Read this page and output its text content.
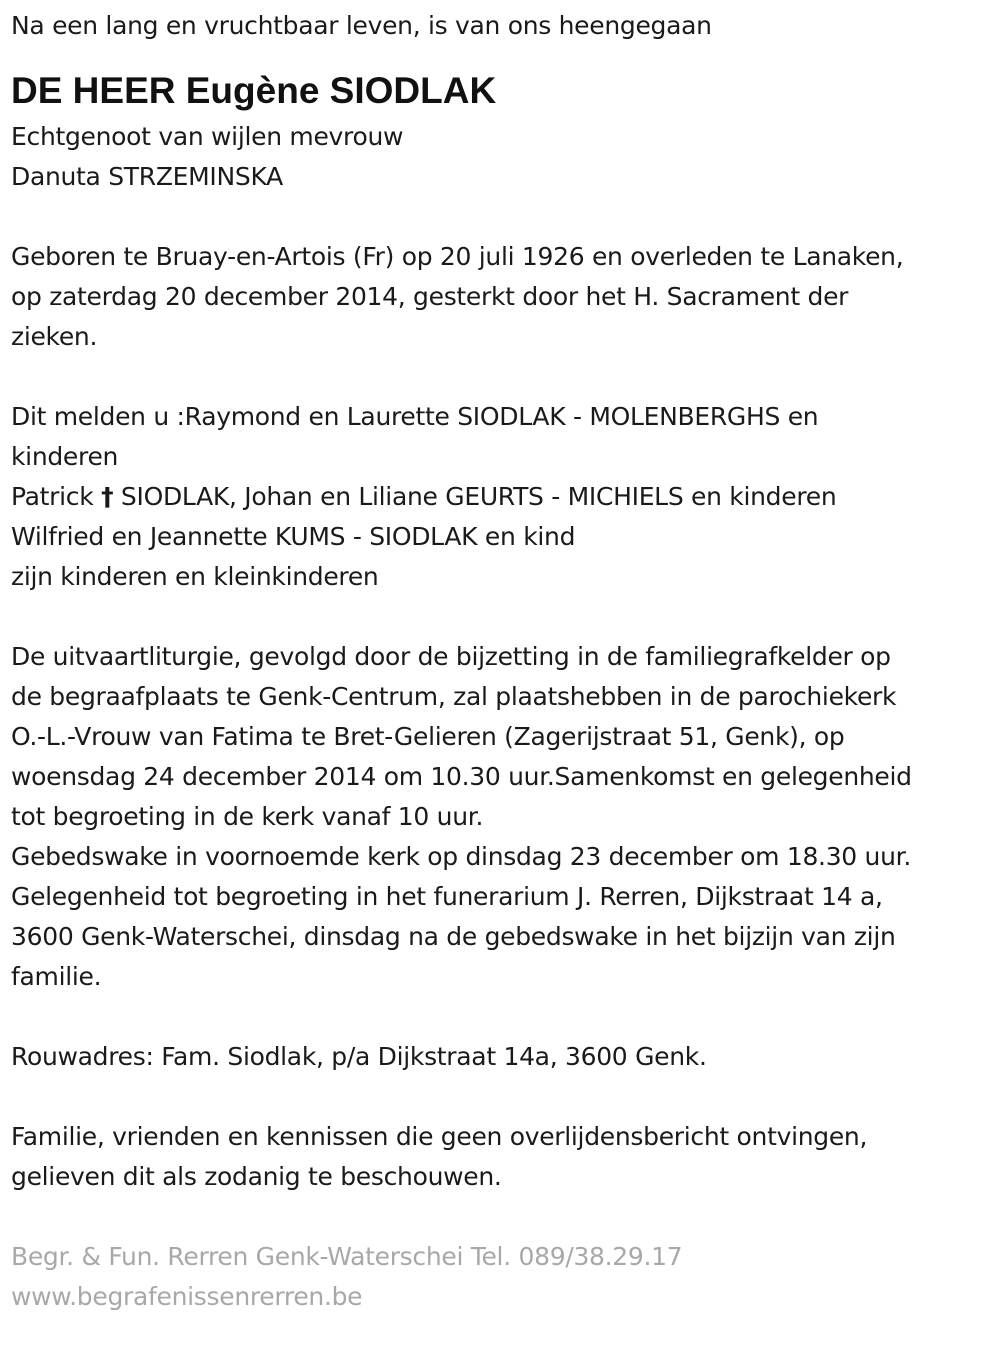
Na een lang en vruchtbaar leven, is van ons heengegaan
DE HEER Eugène SIODLAK
Echtgenoot van wijlen mevrouw
Danuta STRZEMINSKA
Geboren te Bruay-en-Artois (Fr) op 20 juli 1926 en overleden te Lanaken,
op zaterdag 20 december 2014, gesterkt door het H. Sacrament der
zieken.
Dit melden u :Raymond en Laurette SIODLAK - MOLENBERGHS en
kinderen
Patrick † SIODLAK, Johan en Liliane GEURTS - MICHIELS en kinderen
Wilfried en Jeannette KUMS - SIODLAK en kind
zijn kinderen en kleinkinderen
De uitvaartliturgie, gevolgd door de bijzetting in de familiegrafkelder op
de begraafplaats te Genk-Centrum, zal plaatshebben in de parochiekerk
O.-L.-Vrouw van Fatima te Bret-Gelieren (Zagerijstraat 51, Genk), op
woensdag 24 december 2014 om 10.30 uur.Samenkomst en gelegenheid
tot begroeting in de kerk vanaf 10 uur.
Gebedswake in voornoemde kerk op dinsdag 23 december om 18.30 uur.
Gelegenheid tot begroeting in het funerarium J. Rerren, Dijkstraat 14 a,
3600 Genk-Waterschei, dinsdag na de gebedswake in het bijzijn van zijn
familie.
Rouwadres: Fam. Siodlak, p/a Dijkstraat 14a, 3600 Genk.
Familie, vrienden en kennissen die geen overlijdensbericht ontvingen,
gelieven dit als zodanig te beschouwen.
Begr. & Fun. Rerren Genk-Waterschei Tel. 089/38.29.17
www.begrafenissenrerren.be
